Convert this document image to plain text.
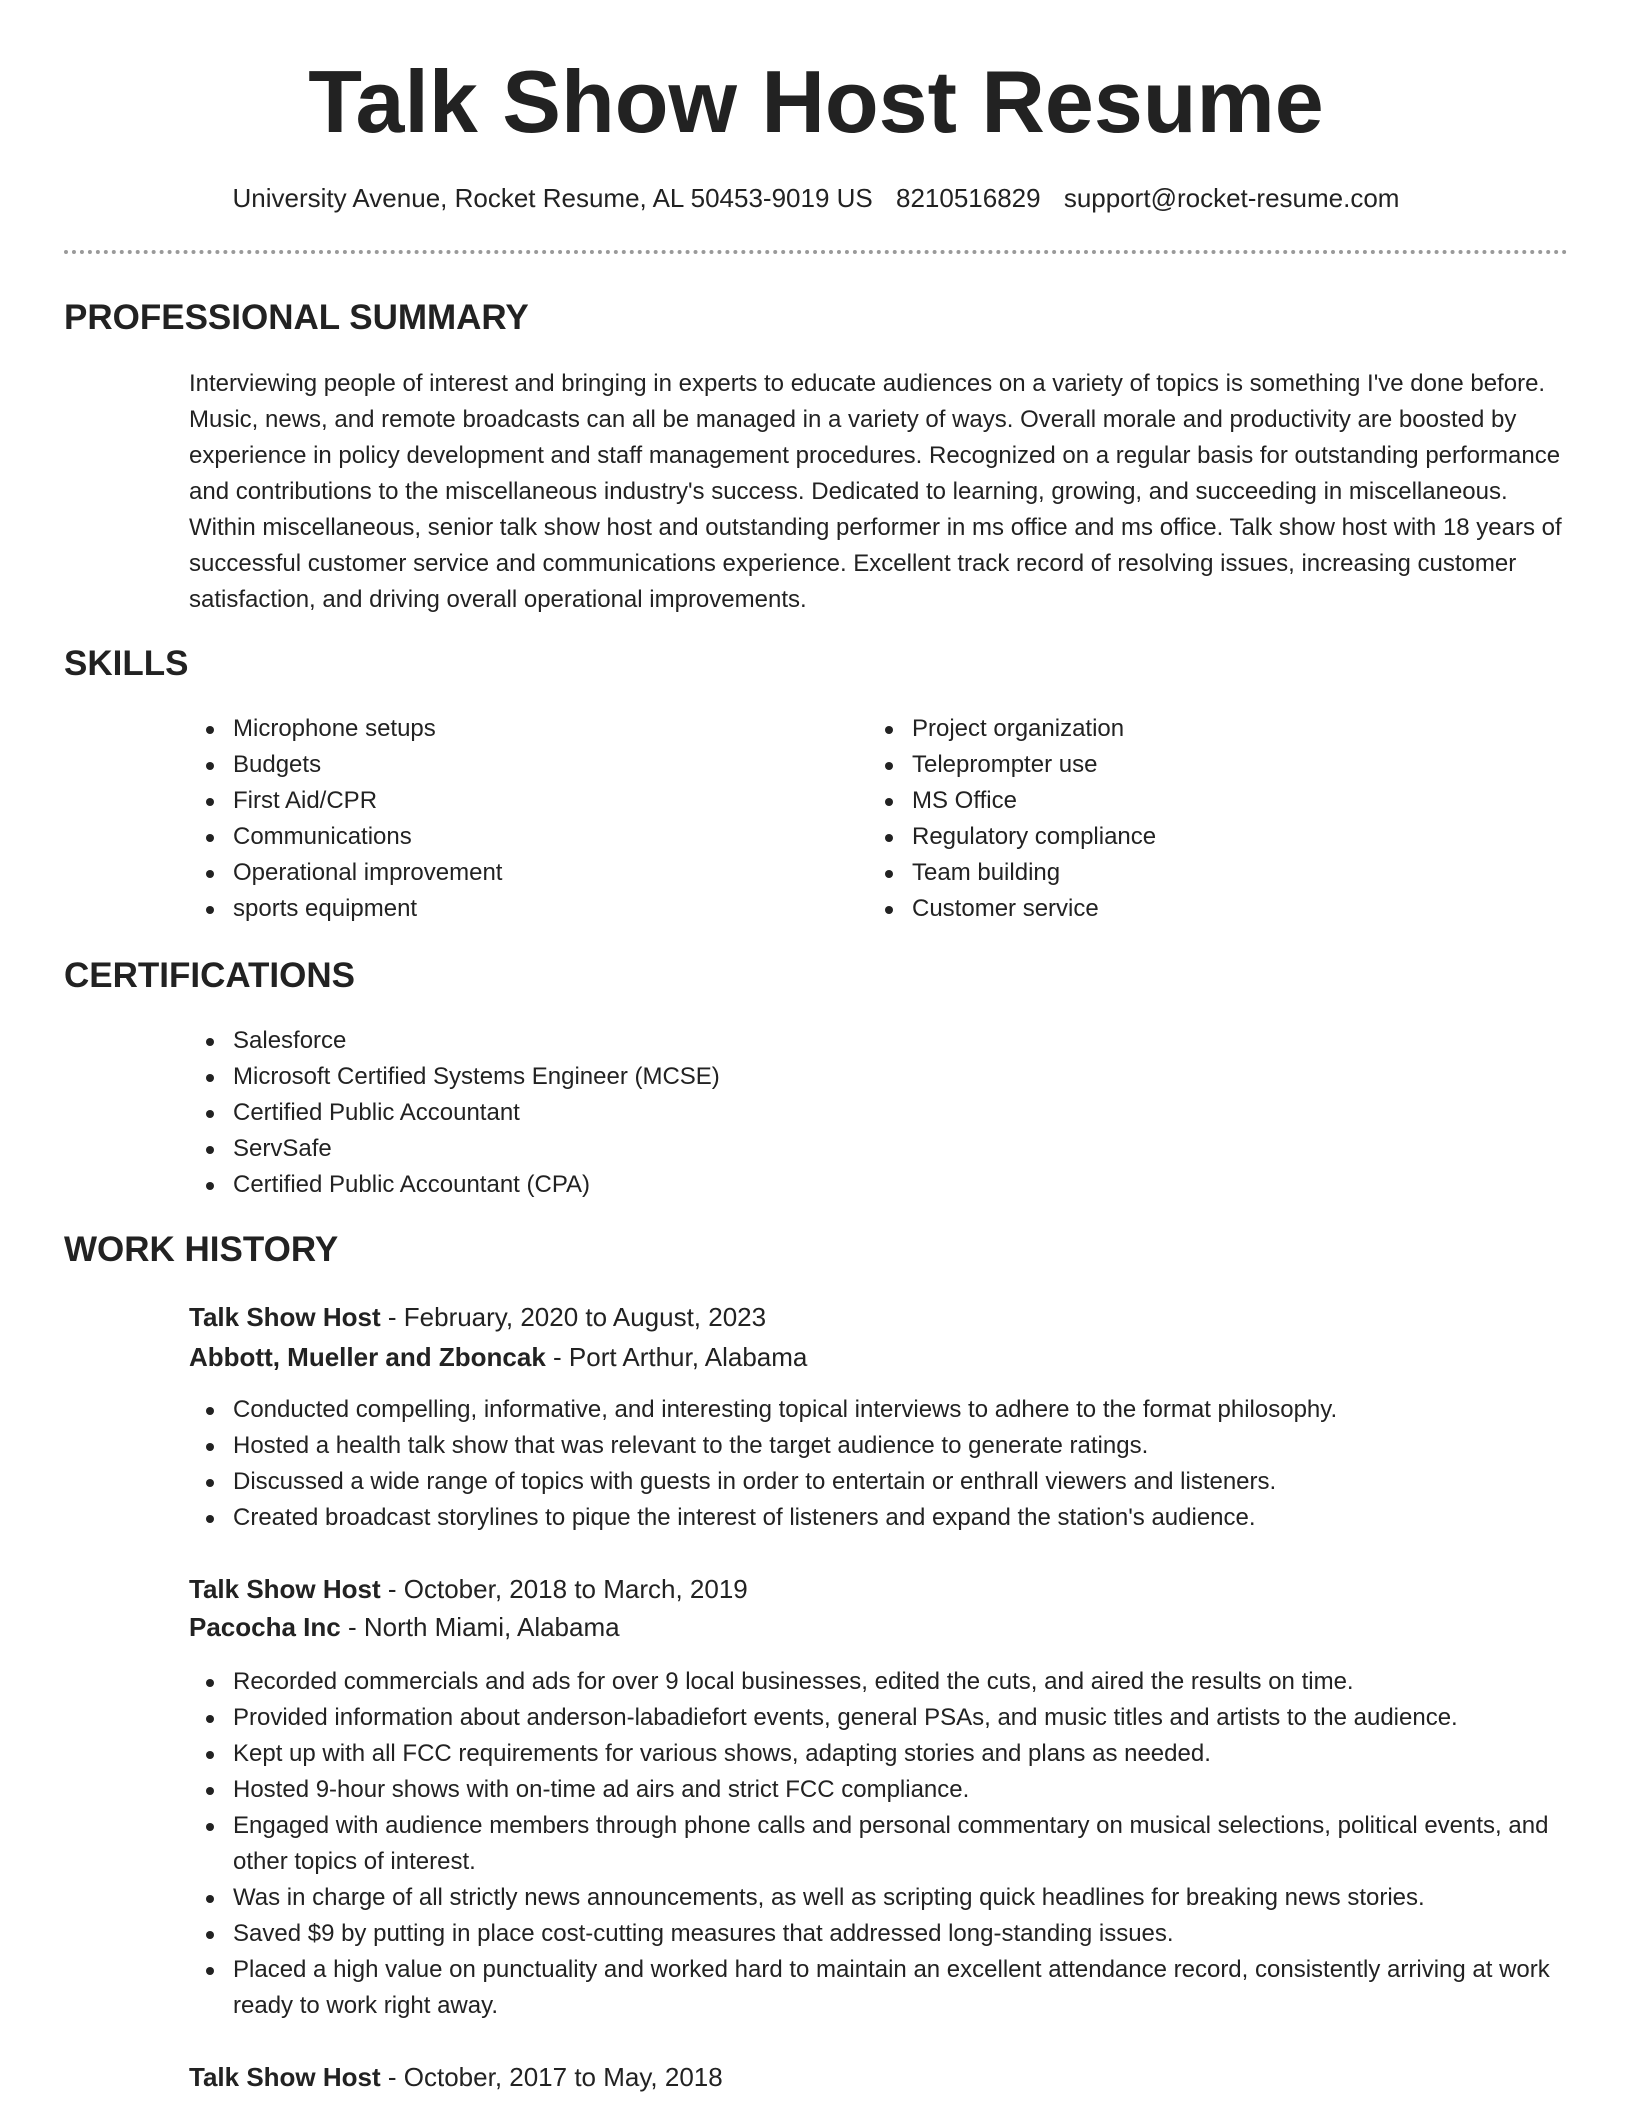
Talk Show Host Resume
University Avenue, Rocket Resume, AL 50453-9019 US 8210516829 support@rocket-resume.com
PROFESSIONAL SUMMARY
Interviewing people of interest and bringing in experts to educate audiences on a variety of topics is something I've done before. Music, news, and remote broadcasts can all be managed in a variety of ways. Overall morale and productivity are boosted by experience in policy development and staff management procedures. Recognized on a regular basis for outstanding performance and contributions to the miscellaneous industry's success. Dedicated to learning, growing, and succeeding in miscellaneous. Within miscellaneous, senior talk show host and outstanding performer in ms office and ms office. Talk show host with 18 years of successful customer service and communications experience. Excellent track record of resolving issues, increasing customer satisfaction, and driving overall operational improvements.
SKILLS
Microphone setups
Budgets
First Aid/CPR
Communications
Operational improvement
sports equipment
Project organization
Teleprompter use
MS Office
Regulatory compliance
Team building
Customer service
CERTIFICATIONS
Salesforce
Microsoft Certified Systems Engineer (MCSE)
Certified Public Accountant
ServSafe
Certified Public Accountant (CPA)
WORK HISTORY
Talk Show Host - February, 2020 to August, 2023
Abbott, Mueller and Zboncak - Port Arthur, Alabama
Conducted compelling, informative, and interesting topical interviews to adhere to the format philosophy.
Hosted a health talk show that was relevant to the target audience to generate ratings.
Discussed a wide range of topics with guests in order to entertain or enthrall viewers and listeners.
Created broadcast storylines to pique the interest of listeners and expand the station's audience.
Talk Show Host - October, 2018 to March, 2019
Pacocha Inc - North Miami, Alabama
Recorded commercials and ads for over 9 local businesses, edited the cuts, and aired the results on time.
Provided information about anderson-labadiefort events, general PSAs, and music titles and artists to the audience.
Kept up with all FCC requirements for various shows, adapting stories and plans as needed.
Hosted 9-hour shows with on-time ad airs and strict FCC compliance.
Engaged with audience members through phone calls and personal commentary on musical selections, political events, and other topics of interest.
Was in charge of all strictly news announcements, as well as scripting quick headlines for breaking news stories.
Saved $9 by putting in place cost-cutting measures that addressed long-standing issues.
Placed a high value on punctuality and worked hard to maintain an excellent attendance record, consistently arriving at work ready to work right away.
Talk Show Host - October, 2017 to May, 2018
